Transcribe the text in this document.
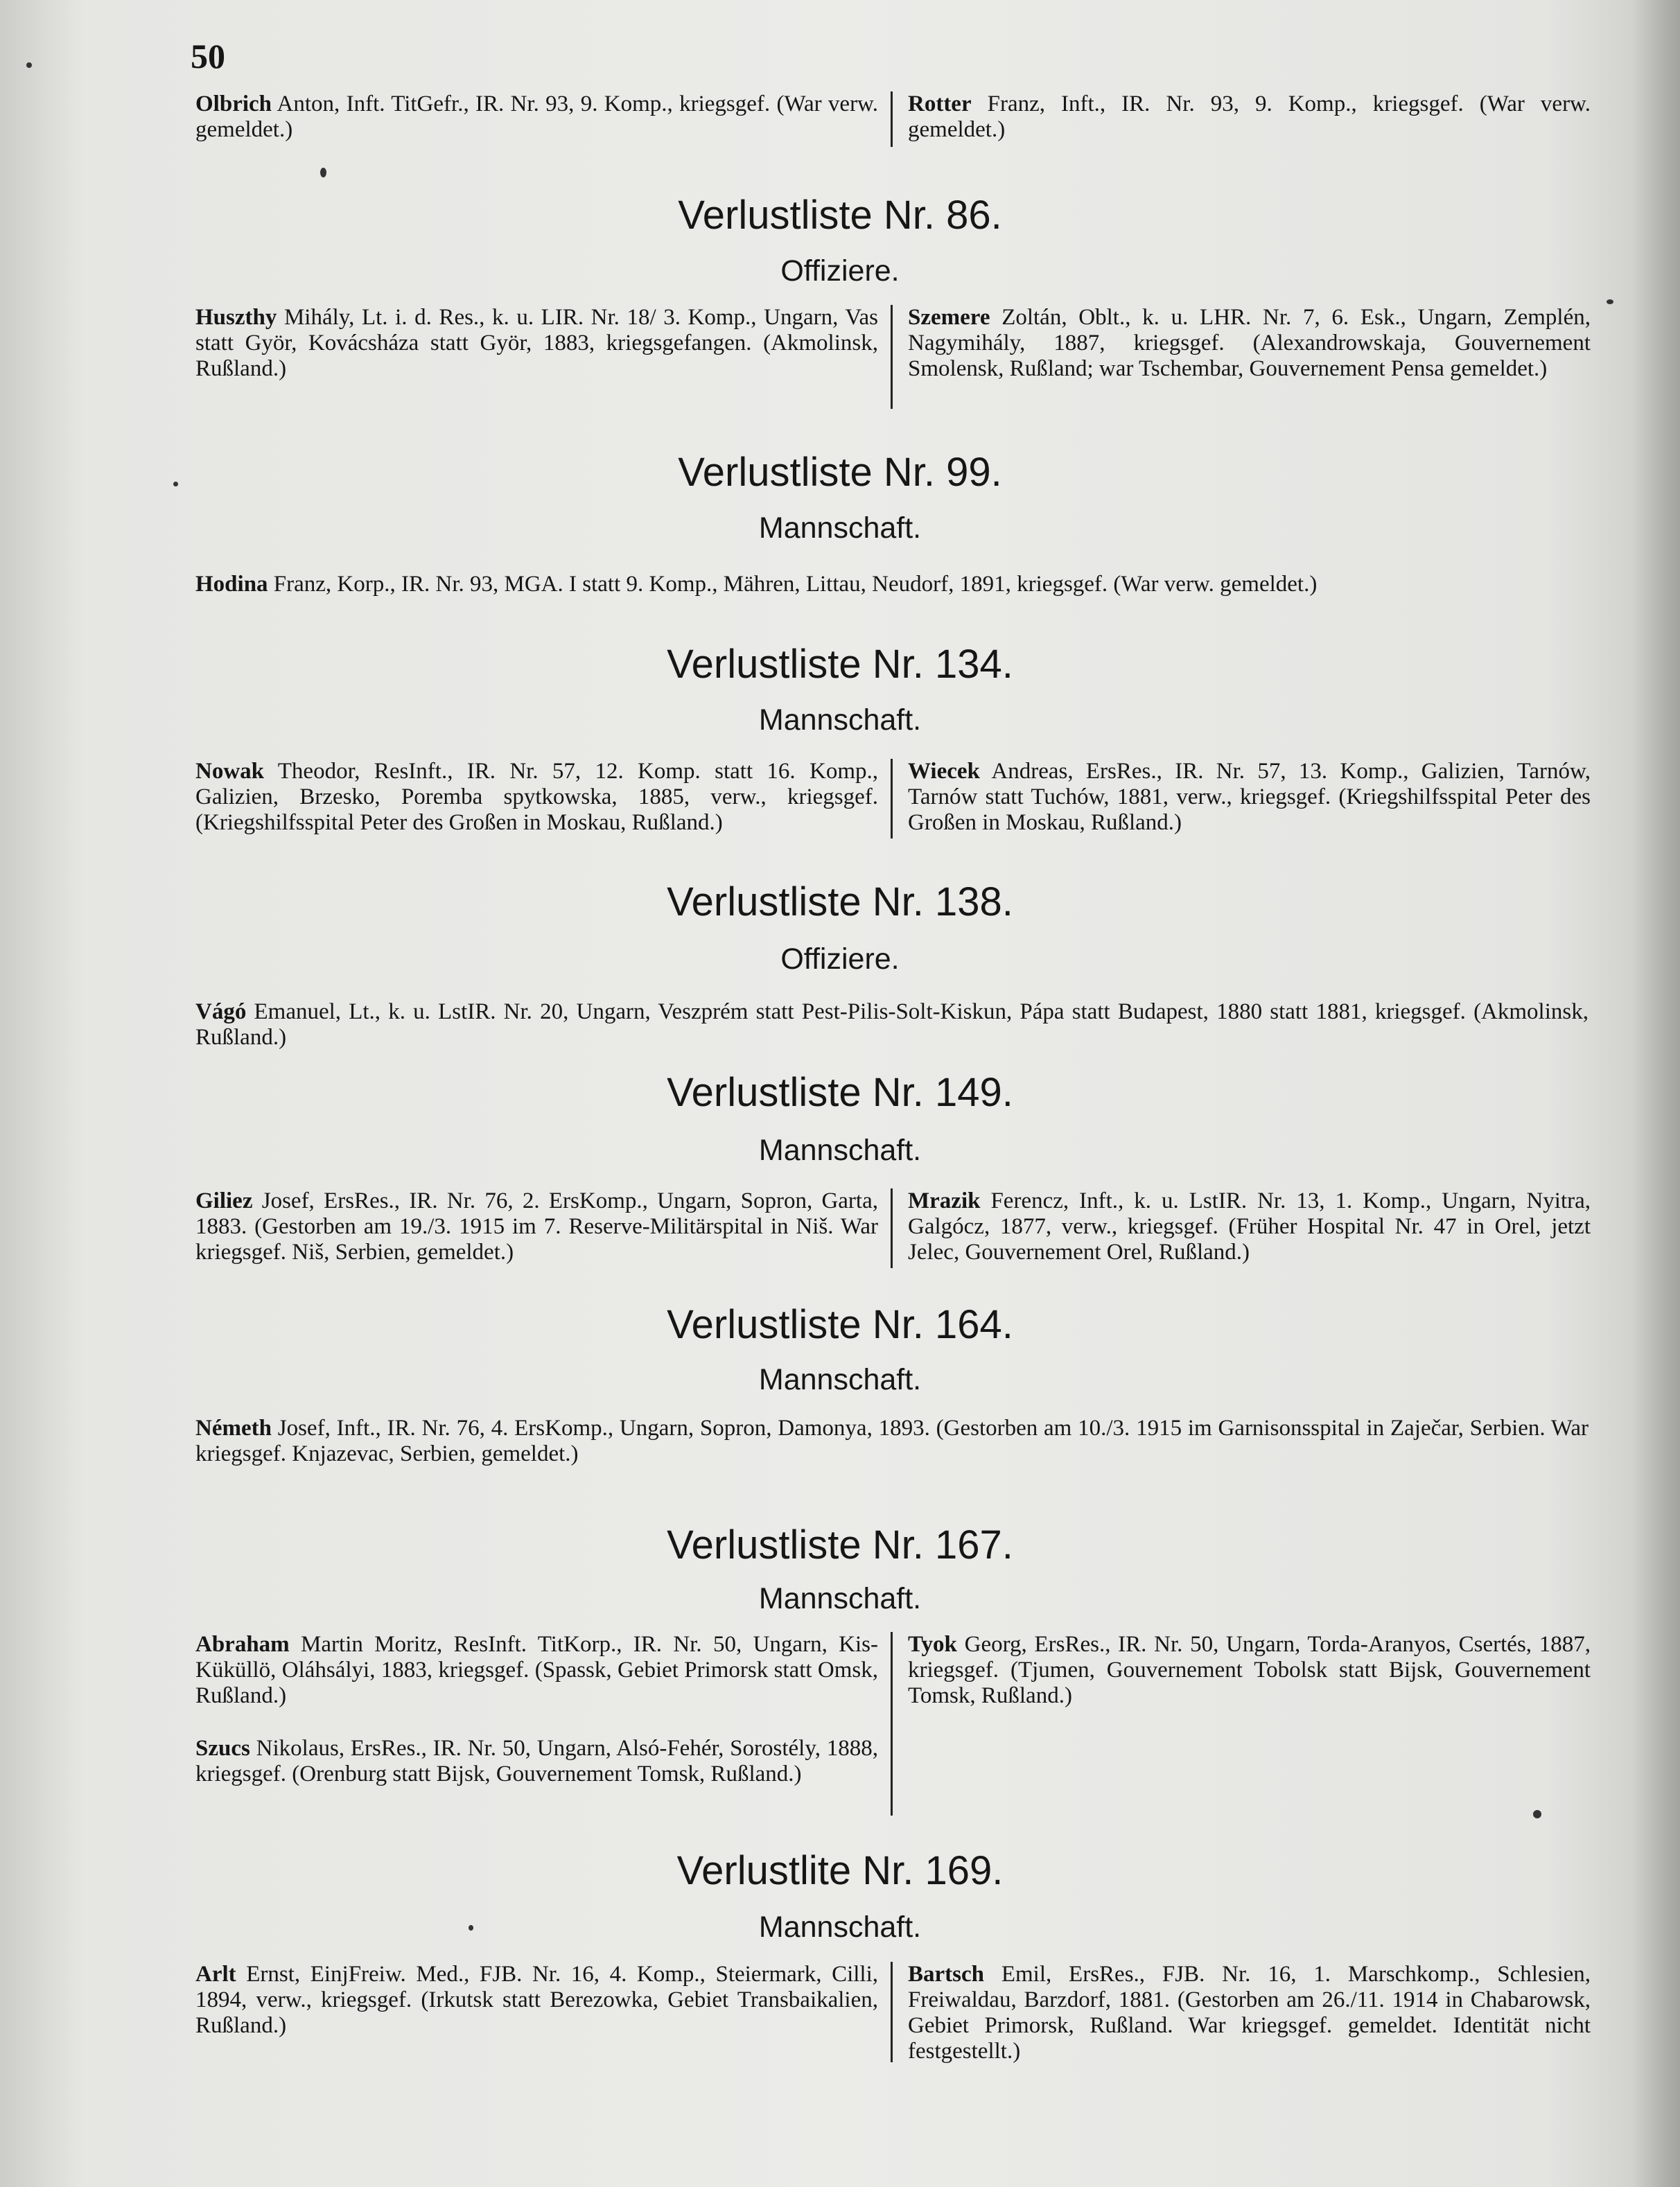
50
Olbrich Anton, Inft. TitGefr., IR. Nr. 93, 9. Komp., kriegsgef. (War verw. gemeldet.)
Rotter Franz, Inft., IR. Nr. 93, 9. Komp., kriegsgef. (War verw. gemeldet.)
Verlustliste Nr. 86.
Offiziere.
Huszthy Mihály, Lt. i. d. Res., k. u. LIR. Nr. 18/ 3. Komp., Ungarn, Vas statt Györ, Kovácsháza statt Györ, 1883, kriegsgefangen. (Akmolinsk, Rußland.)
Szemere Zoltán, Oblt., k. u. LHR. Nr. 7, 6. Esk., Ungarn, Zemplén, Nagymihály, 1887, kriegsgef. (Alexandrowskaja, Gouvernement Smolensk, Rußland; war Tschembar, Gouvernement Pensa gemeldet.)
Verlustliste Nr. 99.
Mannschaft.
Hodina Franz, Korp., IR. Nr. 93, MGA. I statt 9. Komp., Mähren, Littau, Neudorf, 1891, kriegsgef. (War verw. gemeldet.)
Verlustliste Nr. 134.
Mannschaft.
Nowak Theodor, ResInft., IR. Nr. 57, 12. Komp. statt 16. Komp., Galizien, Brzesko, Poremba spytkowska, 1885, verw., kriegsgef. (Kriegshilfsspital Peter des Großen in Moskau, Rußland.)
Wiecek Andreas, ErsRes., IR. Nr. 57, 13. Komp., Galizien, Tarnów, Tarnów statt Tuchów, 1881, verw., kriegsgef. (Kriegshilfsspital Peter des Großen in Moskau, Rußland.)
Verlustliste Nr. 138.
Offiziere.
Vágó Emanuel, Lt., k. u. LstIR. Nr. 20, Ungarn, Veszprém statt Pest-Pilis-Solt-Kiskun, Pápa statt Budapest, 1880 statt 1881, kriegsgef. (Akmolinsk, Rußland.)
Verlustliste Nr. 149.
Mannschaft.
Giliez Josef, ErsRes., IR. Nr. 76, 2. ErsKomp., Ungarn, Sopron, Garta, 1883. (Gestorben am 19./3. 1915 im 7. Reserve-Militärspital in Niš. War kriegsgef. Niš, Serbien, gemeldet.)
Mrazik Ferencz, Inft., k. u. LstIR. Nr. 13, 1. Komp., Ungarn, Nyitra, Galgócz, 1877, verw., kriegsgef. (Früher Hospital Nr. 47 in Orel, jetzt Jelec, Gouvernement Orel, Rußland.)
Verlustliste Nr. 164.
Mannschaft.
Németh Josef, Inft., IR. Nr. 76, 4. ErsKomp., Ungarn, Sopron, Damonya, 1893. (Gestorben am 10./3. 1915 im Garnisonsspital in Zaječar, Serbien. War kriegsgef. Knjazevac, Serbien, gemeldet.)
Verlustliste Nr. 167.
Mannschaft.
Abraham Martin Moritz, ResInft. TitKorp., IR. Nr. 50, Ungarn, Kis-Küküllö, Oláhsályi, 1883, kriegsgef. (Spassk, Gebiet Primorsk statt Omsk, Rußland.)
Szucs Nikolaus, ErsRes., IR. Nr. 50, Ungarn, Alsó-Fehér, Sorostély, 1888, kriegsgef. (Orenburg statt Bijsk, Gouvernement Tomsk, Rußland.)
Tyok Georg, ErsRes., IR. Nr. 50, Ungarn, Torda-Aranyos, Csertés, 1887, kriegsgef. (Tjumen, Gouvernement Tobolsk statt Bijsk, Gouvernement Tomsk, Rußland.)
Verlustlite Nr. 169.
Mannschaft.
Arlt Ernst, EinjFreiw. Med., FJB. Nr. 16, 4. Komp., Steiermark, Cilli, 1894, verw., kriegsgef. (Irkutsk statt Berezowka, Gebiet Transbaikalien, Rußland.)
Bartsch Emil, ErsRes., FJB. Nr. 16, 1. Marschkomp., Schlesien, Freiwaldau, Barzdorf, 1881. (Gestorben am 26./11. 1914 in Chabarowsk, Gebiet Primorsk, Rußland. War kriegsgef. gemeldet. Identität nicht festgestellt.)
